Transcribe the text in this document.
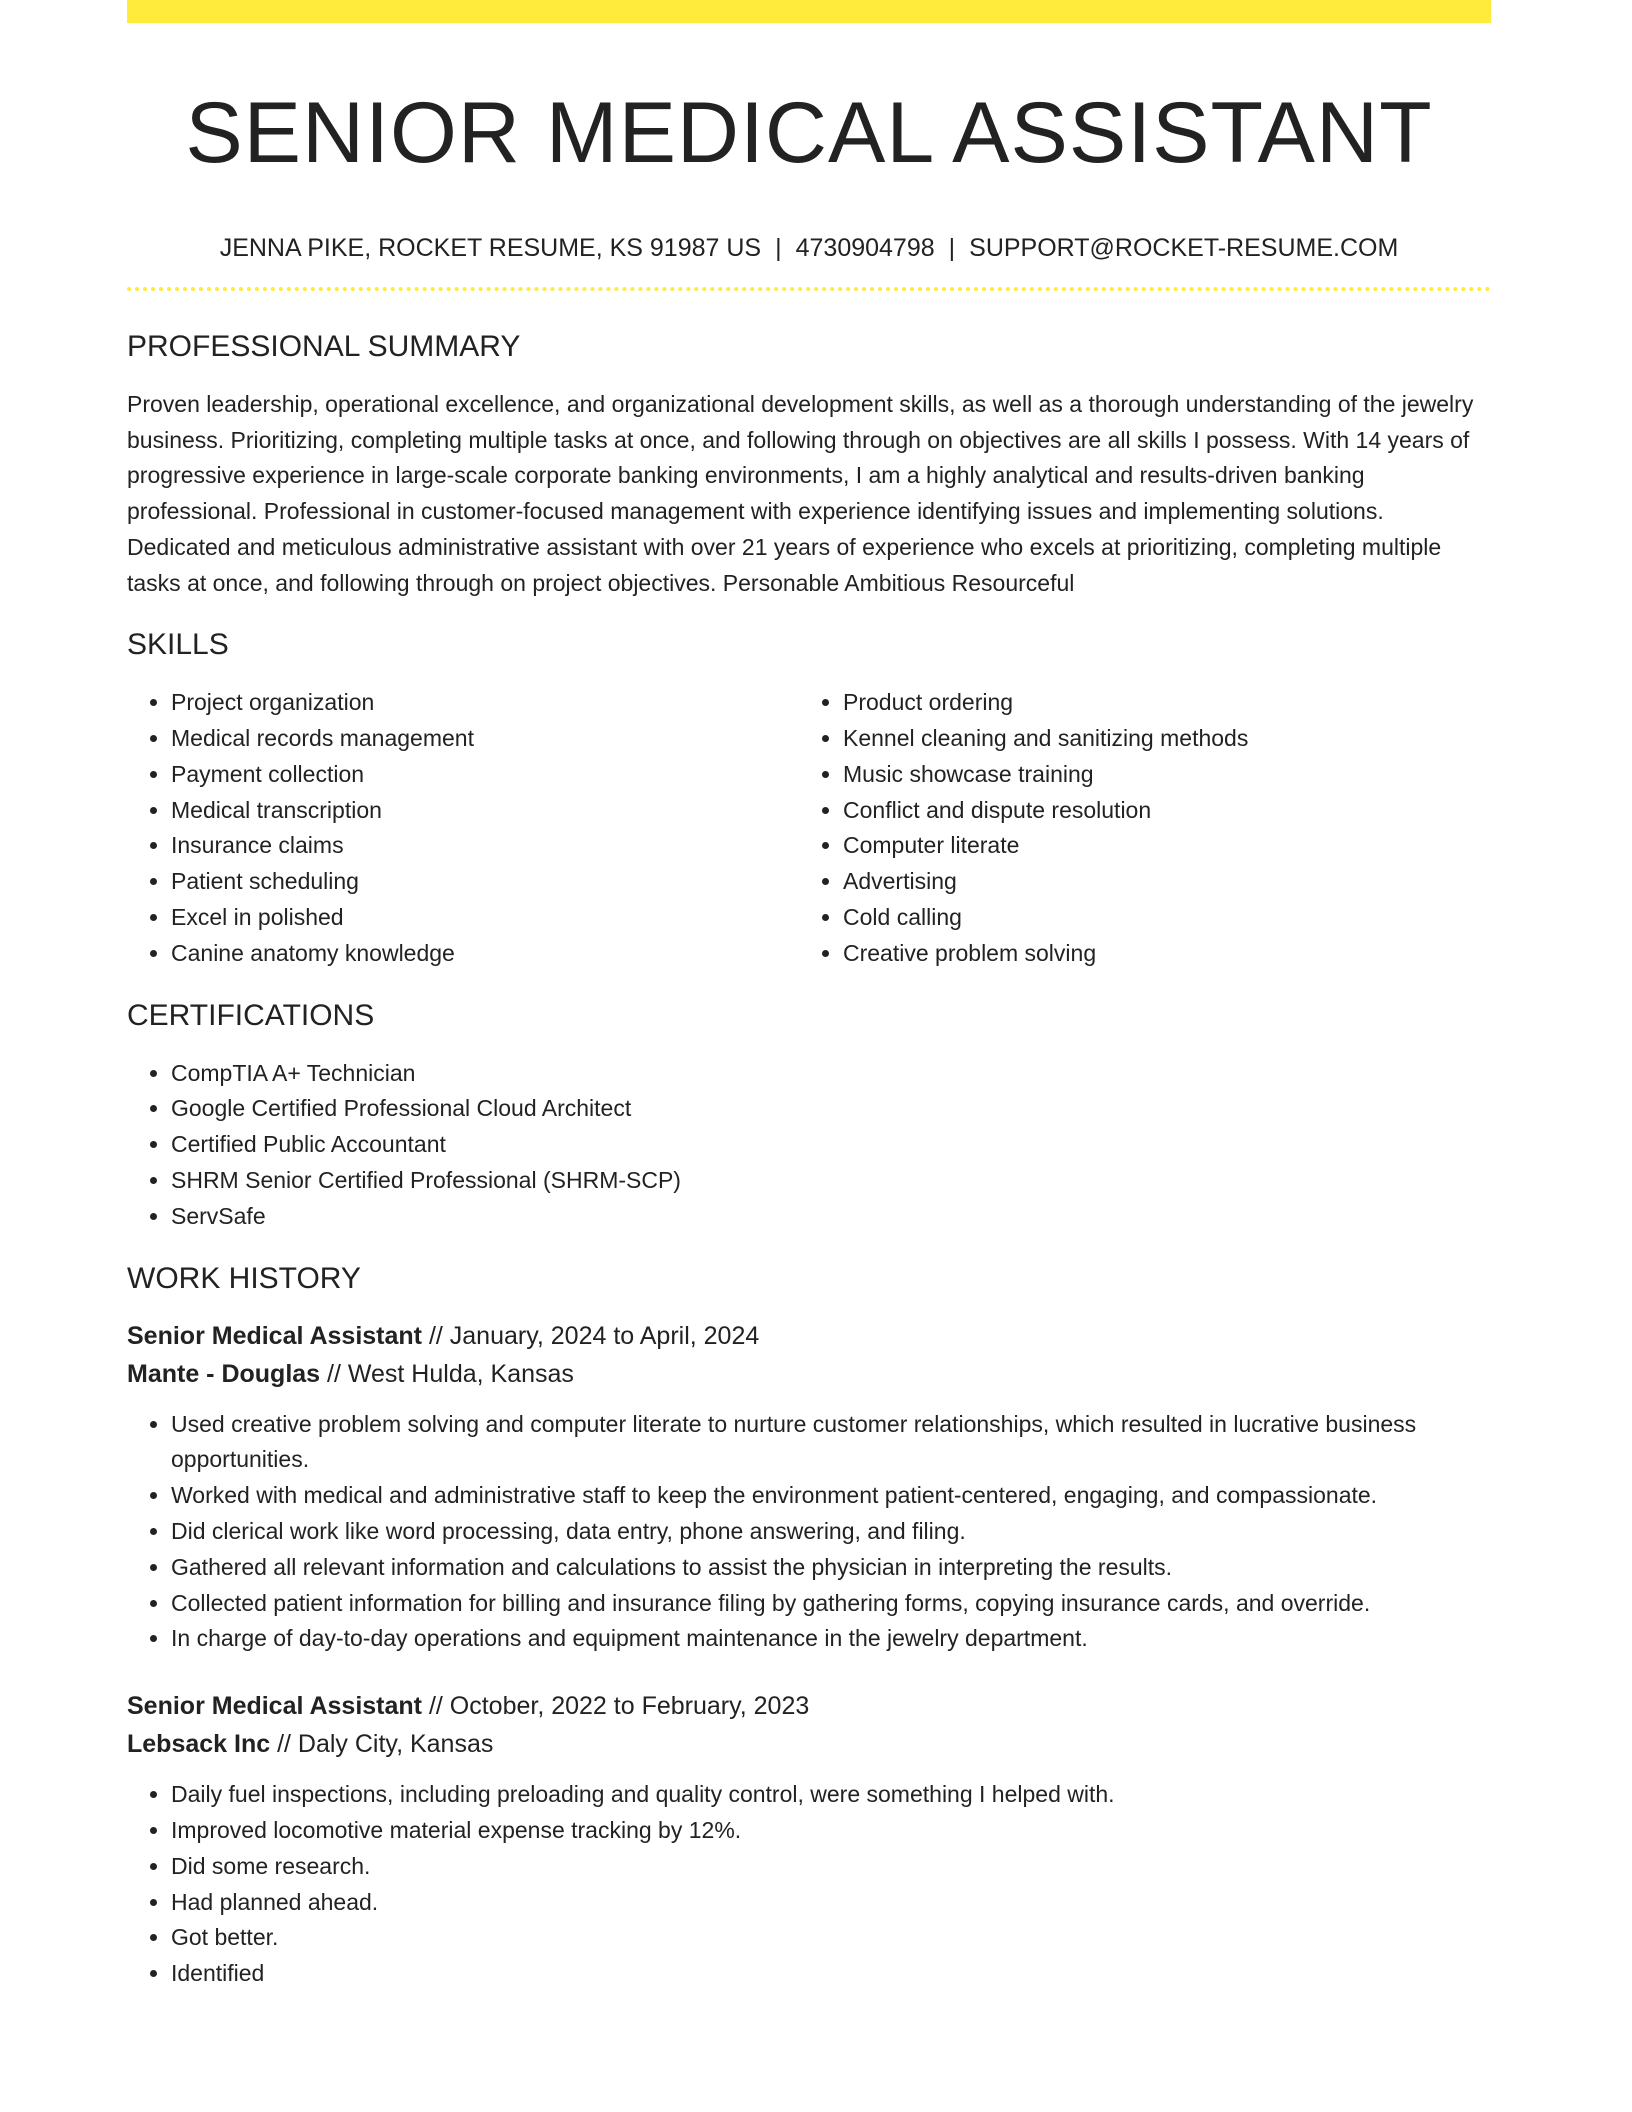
SENIOR MEDICAL ASSISTANT
JENNA PIKE, ROCKET RESUME, KS 91987 US | 4730904798 | SUPPORT@ROCKET-RESUME.COM
PROFESSIONAL SUMMARY
Proven leadership, operational excellence, and organizational development skills, as well as a thorough understanding of the jewelry business. Prioritizing, completing multiple tasks at once, and following through on objectives are all skills I possess. With 14 years of progressive experience in large-scale corporate banking environments, I am a highly analytical and results-driven banking professional. Professional in customer-focused management with experience identifying issues and implementing solutions. Dedicated and meticulous administrative assistant with over 21 years of experience who excels at prioritizing, completing multiple tasks at once, and following through on project objectives. Personable Ambitious Resourceful
SKILLS
• Project organization
• Medical records management
• Payment collection
• Medical transcription
• Insurance claims
• Patient scheduling
• Excel in polished
• Canine anatomy knowledge
• Product ordering
• Kennel cleaning and sanitizing methods
• Music showcase training
• Conflict and dispute resolution
• Computer literate
• Advertising
• Cold calling
• Creative problem solving
CERTIFICATIONS
• CompTIA A+ Technician
• Google Certified Professional Cloud Architect
• Certified Public Accountant
• SHRM Senior Certified Professional (SHRM-SCP)
• ServSafe
WORK HISTORY
Senior Medical Assistant // January, 2024 to April, 2024
Mante - Douglas // West Hulda, Kansas
• Used creative problem solving and computer literate to nurture customer relationships, which resulted in lucrative business opportunities.
• Worked with medical and administrative staff to keep the environment patient-centered, engaging, and compassionate.
• Did clerical work like word processing, data entry, phone answering, and filing.
• Gathered all relevant information and calculations to assist the physician in interpreting the results.
• Collected patient information for billing and insurance filing by gathering forms, copying insurance cards, and override.
• In charge of day-to-day operations and equipment maintenance in the jewelry department.
Senior Medical Assistant // October, 2022 to February, 2023
Lebsack Inc // Daly City, Kansas
• Daily fuel inspections, including preloading and quality control, were something I helped with.
• Improved locomotive material expense tracking by 12%.
• Did some research.
• Had planned ahead.
• Got better.
• Identified
